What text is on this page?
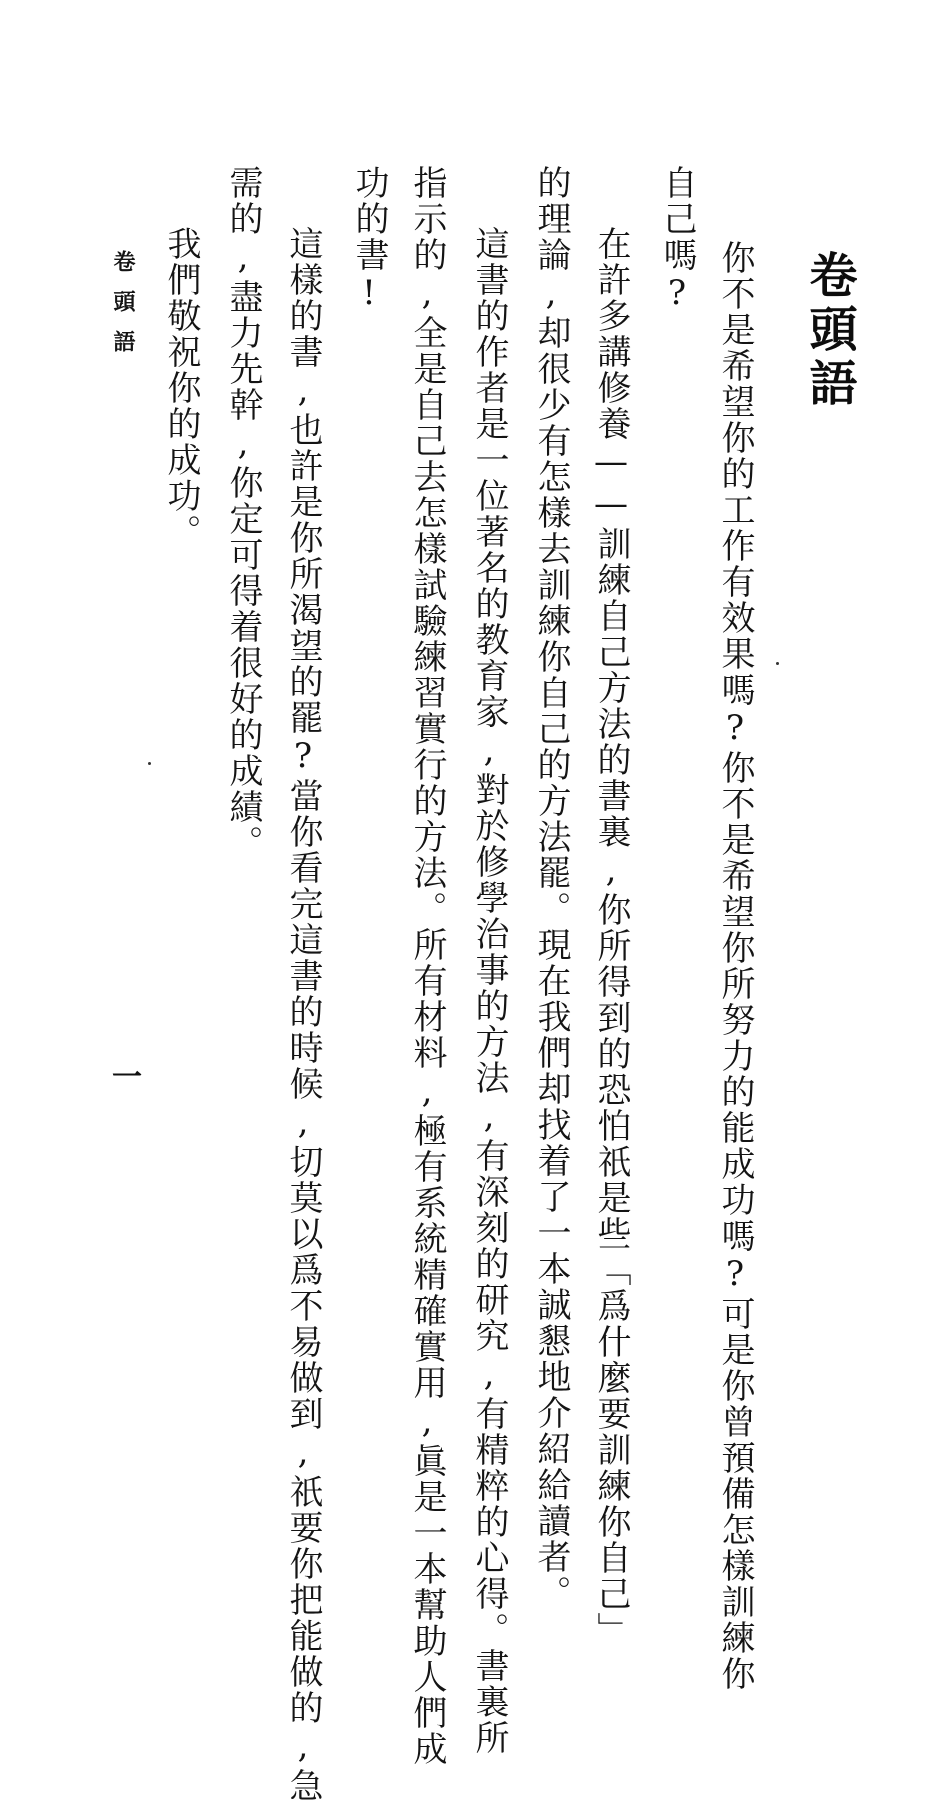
卷頭語
你不是希望你的工作有效果嗎?你不是希望你所努力的能成功嗎?可是你曾預備怎樣訓練你
自己嗎?
在許多講修養——訓練自己方法的書裏,你所得到的恐怕祇是些「爲什麼要訓練你自己」
的理論,却很少有怎樣去訓練你自己的方法罷。現在我們却找着了一本誠懇地介紹給讀者。
這書的作者是一位著名的教育家,對於修學治事的方法,有深刻的研究,有精粹的心得。書裏所
指示的,全是自己去怎樣試驗練習實行的方法。所有材料,極有系統精確實用,眞是一本幫助人們成
功的書!
這樣的書,也許是你所渴望的罷?當你看完這書的時候,切莫以爲不易做到,祇要你把能做的,急
需的,盡力先幹,你定可得着很好的成績。
我們敬祝你的成功。
卷頭語
一
